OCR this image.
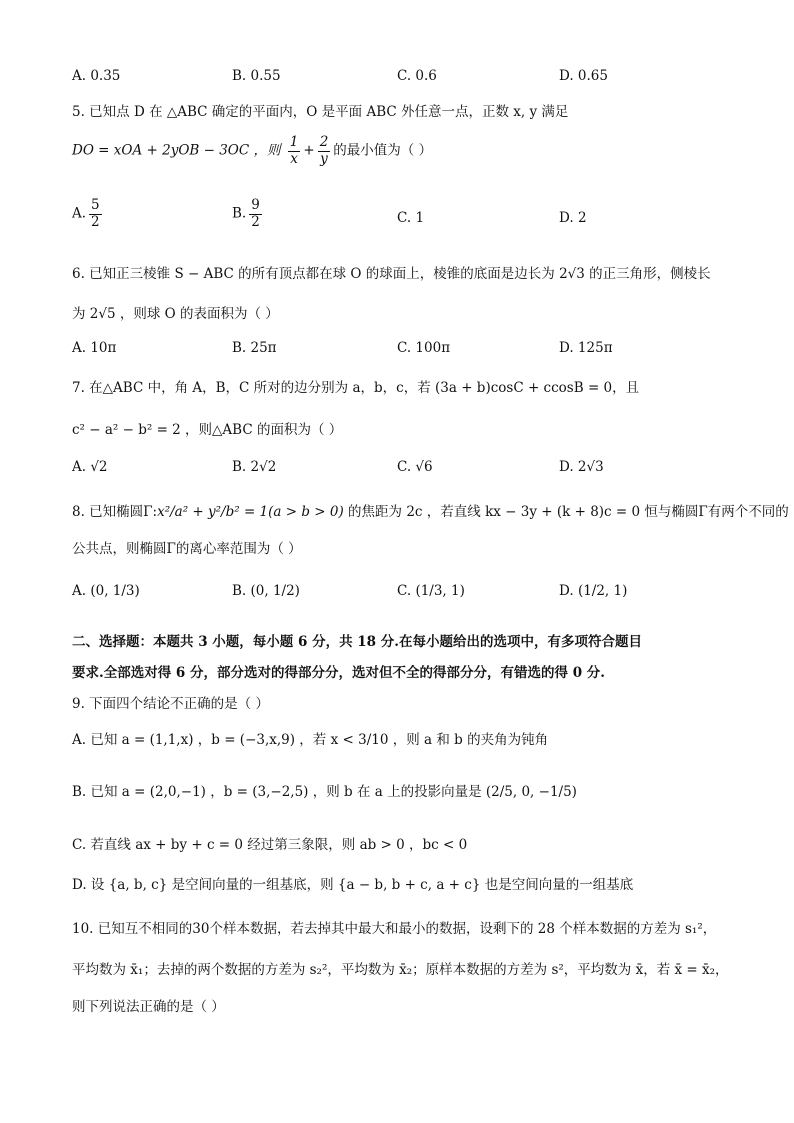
A. 0.35	B. 0.55	C. 0.6	D. 0.65
5. 已知点 D 在 △ABC 确定的平面内，O 是平面 ABC 外任意一点，正数 x, y 满足
DO = xOA + 2yOB − 3OC ，则 $\frac{1}{x} + \frac{2}{y}$ 的最小值为（ ）
A. $\frac{5}{2}$	B. $\frac{9}{2}$	C. 1	D. 2
6. 已知正三棱锥 S − ABC 的所有顶点都在球 O 的球面上，棱锥的底面是边长为 2√3 的正三角形，侧棱长
为 2√5 ，则球 O 的表面积为（ ）
A. 10π	B. 25π	C. 100π	D. 125π
7. 在△ABC 中，角 A，B，C 所对的边分别为 a，b，c，若 (3a + b)cosC + ccosB = 0，且
c² − a² − b² = 2 ，则△ABC 的面积为（ ）
A. √2	B. 2√2	C. √6	D. 2√3
8. 已知椭圆Γ:x²/a² + y²/b² = 1(a > b > 0) 的焦距为 2c ，若直线 kx − 3y + (k + 8)c = 0 恒与椭圆Γ有两个不同的
公共点，则椭圆Γ的离心率范围为（ ）
A. (0, 1/3)	B. (0, 1/2)	C. (1/3, 1)	D. (1/2, 1)
二、选择题：本题共 3 小题，每小题 6 分，共 18 分.在每小题给出的选项中，有多项符合题目
要求.全部选对得 6 分，部分选对的得部分分，选对但不全的得部分分，有错选的得 0 分.
9. 下面四个结论不正确的是（ ）
A. 已知 a = (1,1,x) ，b = (−3,x,9) ，若 x < 3/10 ，则 a 和 b 的夹角为钝角
B. 已知 a = (2,0,−1) ，b = (3,−2,5) ，则 b 在 a 上的投影向量是 (2/5, 0, −1/5)
C. 若直线 ax + by + c = 0 经过第三象限，则 ab > 0 ，bc < 0
D. 设 {a, b, c} 是空间向量的一组基底，则 {a − b, b + c, a + c} 也是空间向量的一组基底
10. 已知互不相同的30个样本数据，若去掉其中最大和最小的数据，设剩下的 28 个样本数据的方差为 s₁²，
平均数为 x̄₁；去掉的两个数据的方差为 s₂²，平均数为 x̄₂；原样本数据的方差为 s²，平均数为 x̄，若 x̄ = x̄₂，
则下列说法正确的是（ ）
